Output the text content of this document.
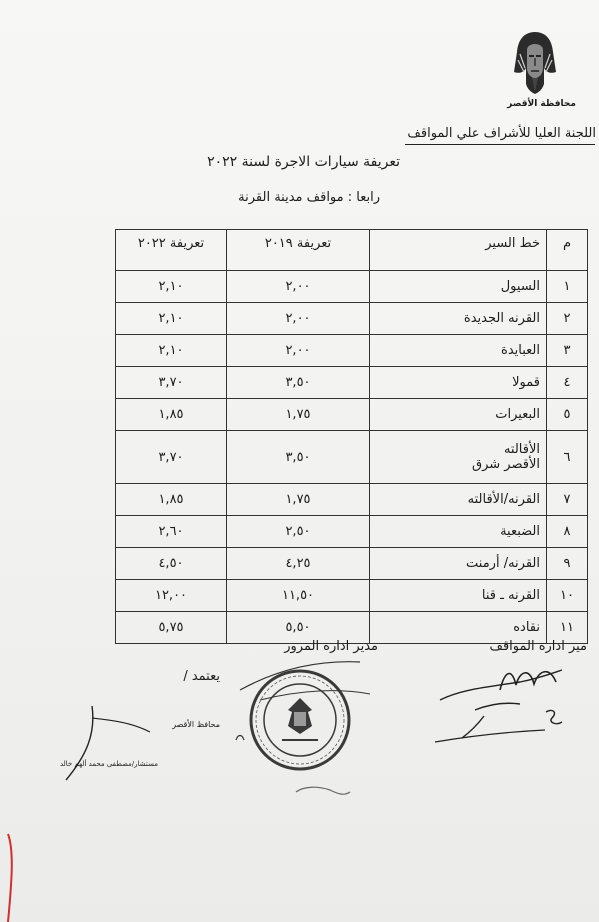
محافظة الأقصر
اللجنة العليا للأشراف علي المواقف
تعريفة سيارات الاجرة لسنة ٢٠٢٢
رابعا : مواقف مدينة القرنة
م	خط السير	تعريفة ٢٠١٩	تعريفة ٢٠٢٢
١	السيول	٢,٠٠	٢,١٠
٢	القرنه الجديدة	٢,٠٠	٢,١٠
٣	العبايدة	٢,٠٠	٢,١٠
٤	قمولا	٣,٥٠	٣,٧٠
٥	البعيرات	١,٧٥	١,٨٥
٦	الأقالته
الأقصر شرق	٣,٥٠	٣,٧٠
٧	القرنه/الأقالته	١,٧٥	١,٨٥
٨	الضبعية	٢,٥٠	٢,٦٠
٩	القرنه/ أرمنت	٤,٢٥	٤,٥٠
١٠	القرنه ـ قنا	١١,٥٠	١٢,٠٠
١١	نقاده	٥,٥٠	٥,٧٥
مير ادارة المواقف
مدير ادارة المرور
يعتمد /
محافظ الأقصر
مستشار/مصطفى محمد ألهم خالد
